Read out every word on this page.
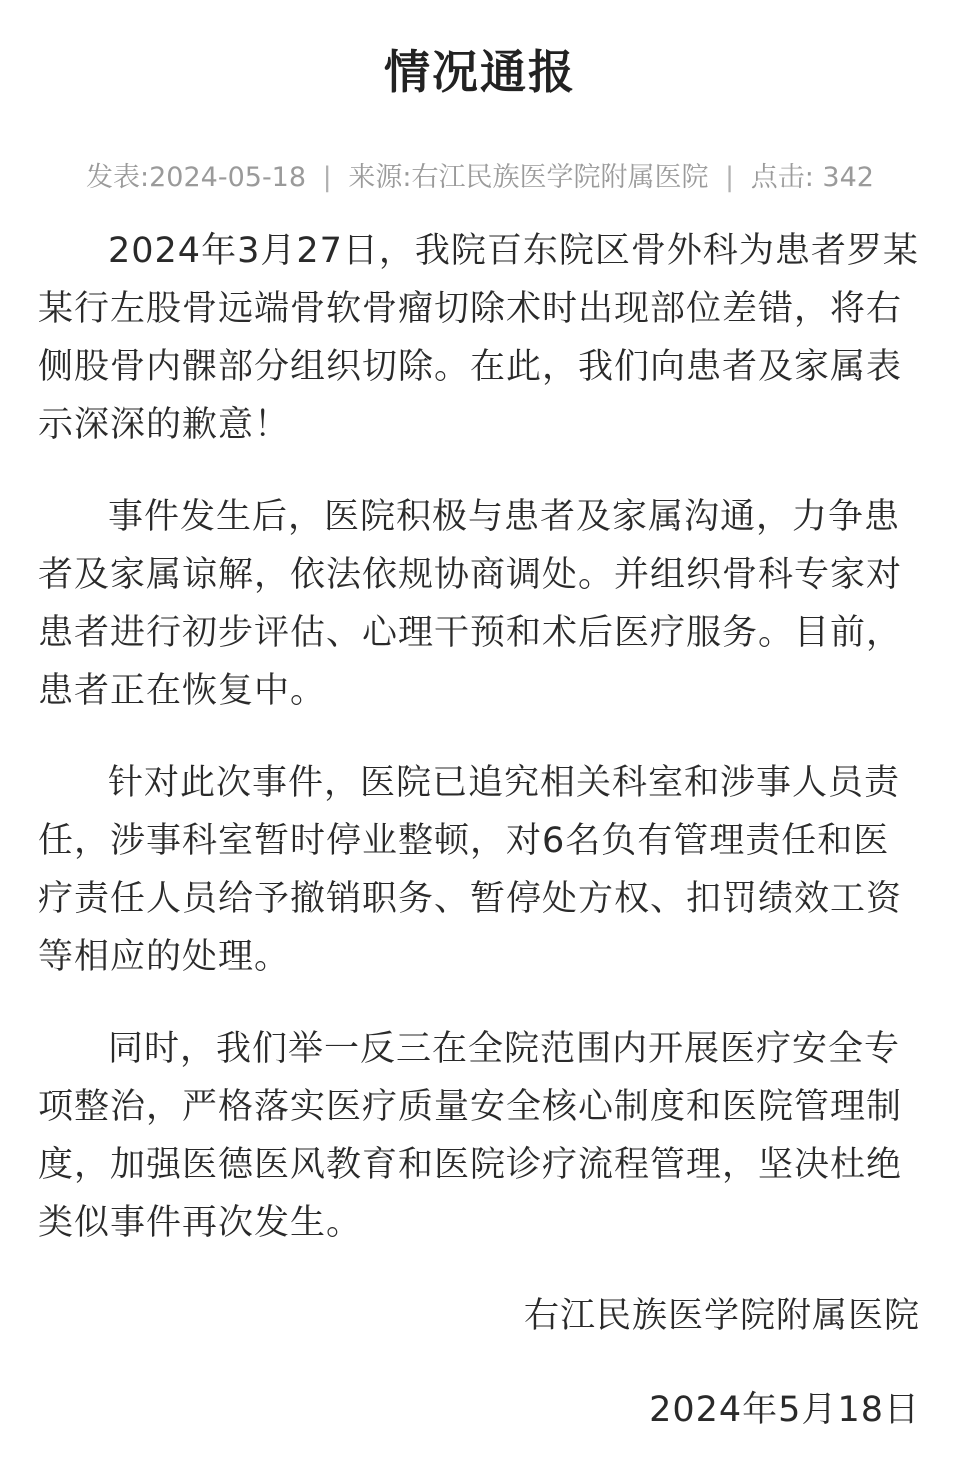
情况通报
发表:2024-05-18 | 来源:右江民族医学院附属医院 | 点击: 342

2024年3月27日，我院百东院区骨外科为患者罗某某行左股骨远端骨软骨瘤切除术时出现部位差错，将右侧股骨内髁部分组织切除。在此，我们向患者及家属表示深深的歉意！

事件发生后，医院积极与患者及家属沟通，力争患者及家属谅解，依法依规协商调处。并组织骨科专家对患者进行初步评估、心理干预和术后医疗服务。目前，患者正在恢复中。

针对此次事件，医院已追究相关科室和涉事人员责任，涉事科室暂时停业整顿，对6名负有管理责任和医疗责任人员给予撤销职务、暂停处方权、扣罚绩效工资等相应的处理。

同时，我们举一反三在全院范围内开展医疗安全专项整治，严格落实医疗质量安全核心制度和医院管理制度，加强医德医风教育和医院诊疗流程管理，坚决杜绝类似事件再次发生。

右江民族医学院附属医院
2024年5月18日
